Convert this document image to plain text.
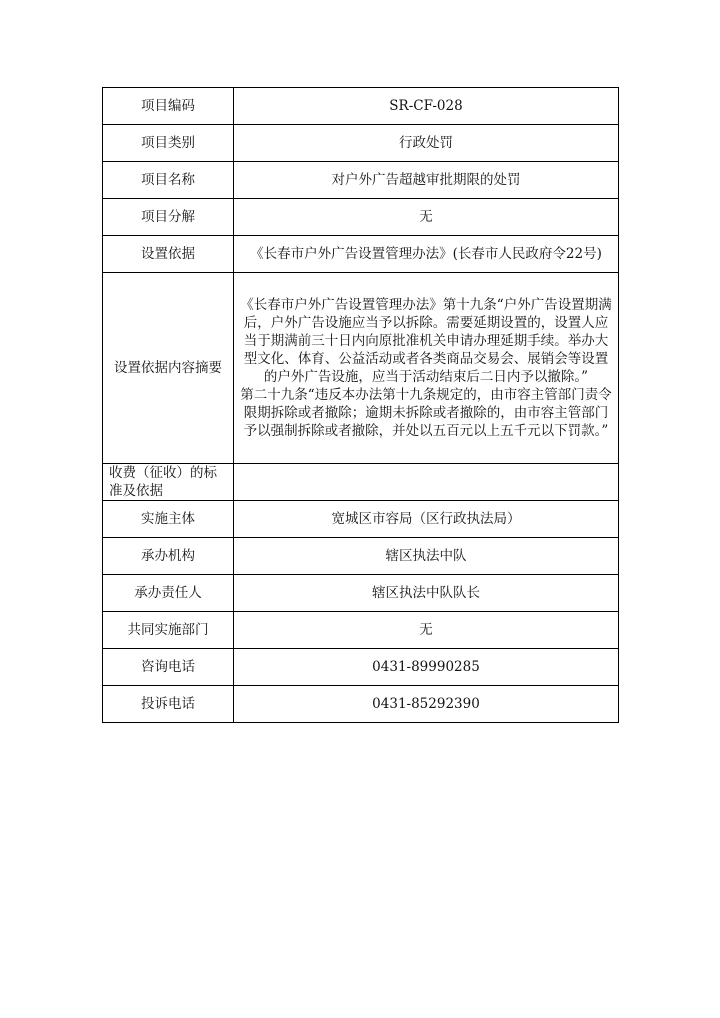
项目编码	SR-CF-028
项目类别	行政处罚
项目名称	对户外广告超越审批期限的处罚
项目分解	无
设置依据	《长春市户外广告设置管理办法》(长春市人民政府令22号)
设置依据内容摘要	《长春市户外广告设置管理办法》第十九条“户外广告设置期满后，户外广告设施应当予以拆除。需要延期设置的，设置人应当于期满前三十日内向原批准机关申请办理延期手续。举办大型文化、体育、公益活动或者各类商品交易会、展销会等设置的户外广告设施，应当于活动结束后二日内予以撤除。”
第二十九条“违反本办法第十九条规定的，由市容主管部门责令限期拆除或者撤除；逾期未拆除或者撤除的，由市容主管部门予以强制拆除或者撤除，并处以五百元以上五千元以下罚款。”

收费（征收）的标准及依据	
实施主体	宽城区市容局（区行政执法局）
承办机构	辖区执法中队
承办责任人	辖区执法中队队长
共同实施部门	无
咨询电话	0431-89990285
投诉电话	0431-85292390
